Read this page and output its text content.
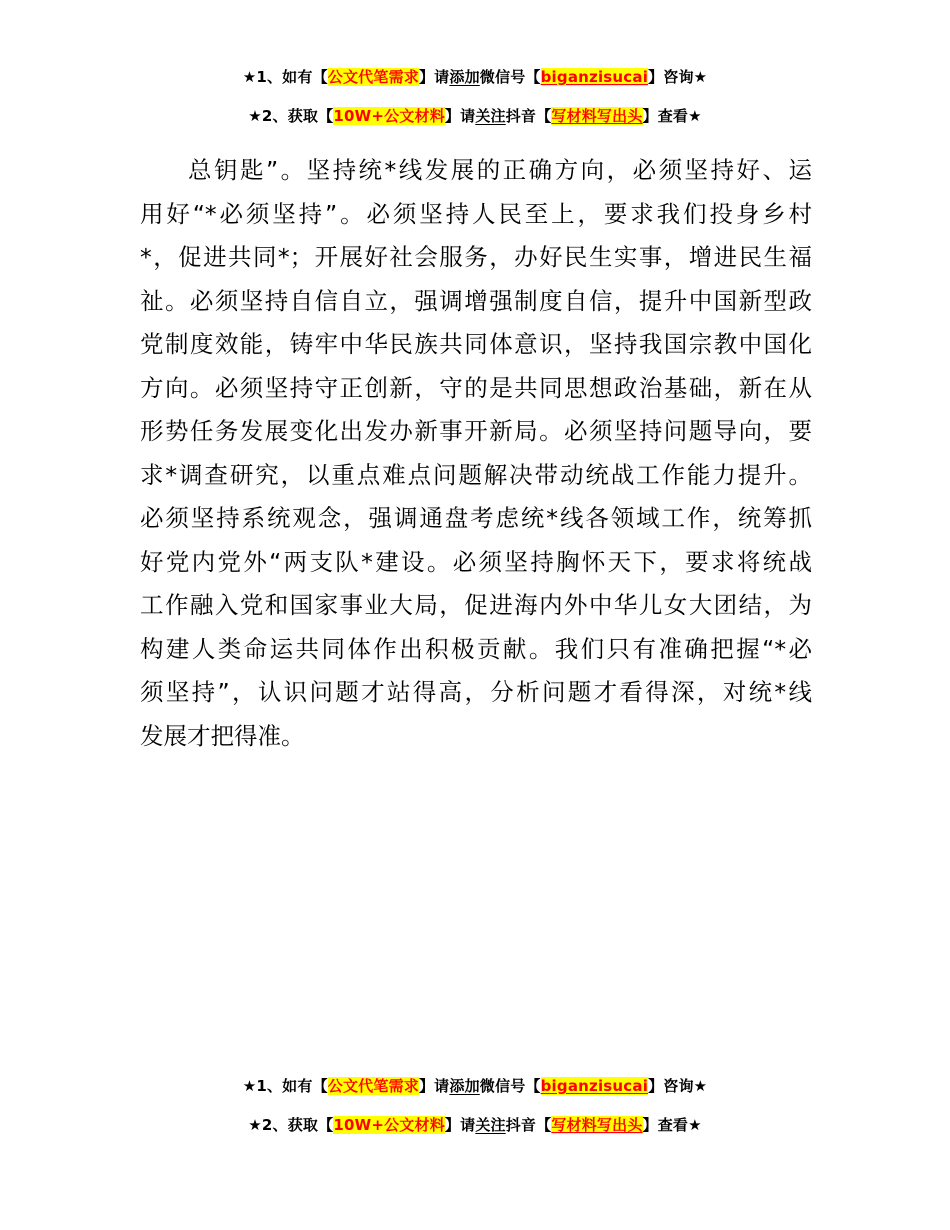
★1、如有【公文代笔需求】请添加微信号【biganzisucai】咨询★
★2、获取【10W+公文材料】请关注抖音【写材料写出头】查看★
总钥匙”。坚持统*线发展的正确方向，必须坚持好、运
用好“*必须坚持”。必须坚持人民至上，要求我们投身乡村
*，促进共同*；开展好社会服务，办好民生实事，增进民生福
祉。必须坚持自信自立，强调增强制度自信，提升中国新型政
党制度效能，铸牢中华民族共同体意识，坚持我国宗教中国化
方向。必须坚持守正创新，守的是共同思想政治基础，新在从
形势任务发展变化出发办新事开新局。必须坚持问题导向，要
求*调查研究，以重点难点问题解决带动统战工作能力提升。
必须坚持系统观念，强调通盘考虑统*线各领域工作，统筹抓
好党内党外“两支队*建设。必须坚持胸怀天下，要求将统战
工作融入党和国家事业大局，促进海内外中华儿女大团结，为
构建人类命运共同体作出积极贡献。我们只有准确把握“*必
须坚持”，认识问题才站得高，分析问题才看得深，对统*线
发展才把得准。
★1、如有【公文代笔需求】请添加微信号【biganzisucai】咨询★
★2、获取【10W+公文材料】请关注抖音【写材料写出头】查看★
